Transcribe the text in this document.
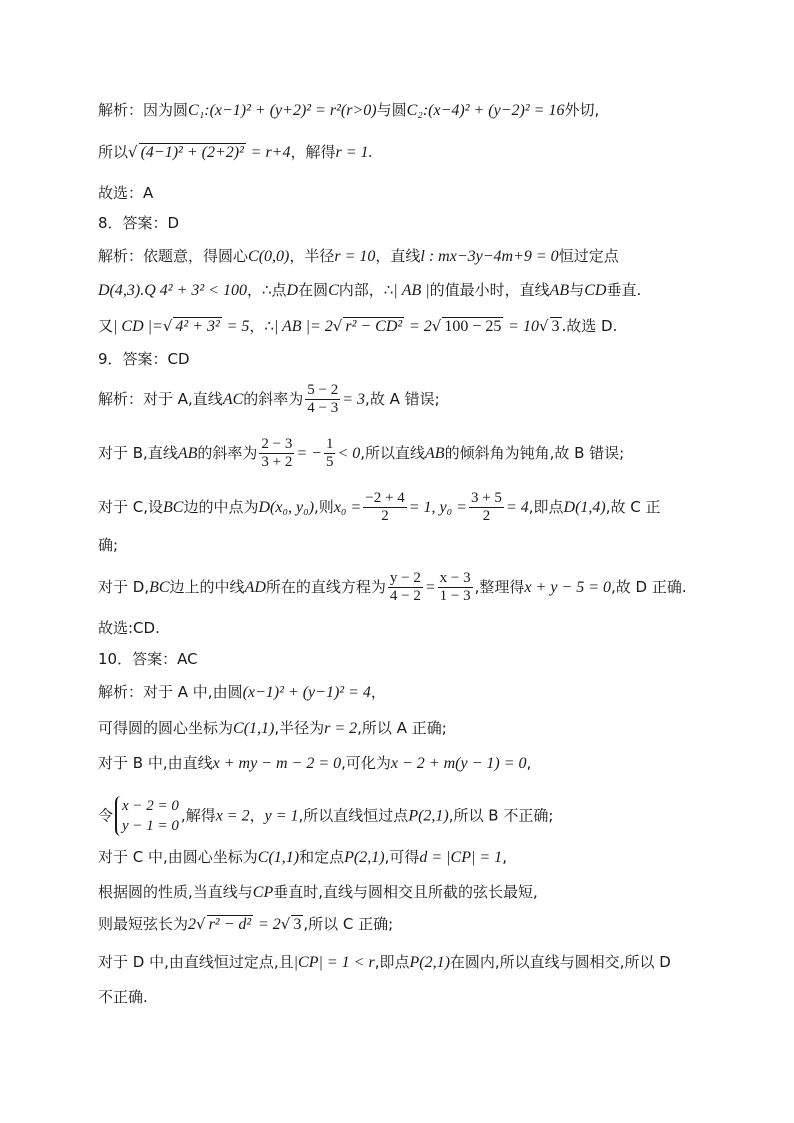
解析：因为圆C₁:(x−1)² + (y+2)² = r²(r>0)与圆C₂:(x−4)² + (y−2)² = 16外切,
所以√ (4−1)² + (2+2)² = r+4，解得r = 1.
故选：A
8．答案：D
解析：依题意，得圆心C(0,0)，半径r = 10，直线l : mx−3y−4m+9 = 0恒过定点
D(4,3).Q 4² + 3² < 100，∴点D在圆C内部，∴| AB |的值最小时，直线AB与CD垂直.
又| CD |=√ 4² + 3² = 5，∴| AB |= 2√ r² − CD² = 2√ 100 − 25 = 10√ 3 .故选 D.
9．答案：CD
解析：对于 A,直线AC的斜率为 $\frac{5 - 2}{4 - 3} = 3$,故 A 错误;
对于 B,直线AB的斜率为 $\frac{2 - 3}{3 + 2}$ = − $\frac{1}{5} < 0$,所以直线AB的倾斜角为钝角,故 B 错误;
对于 C,设BC边的中点为D(x₀, y₀),则$x_0 = \frac{-2 + 4}{2} = 1$, $y_0 = \frac{3 + 5}{2} = 4$,即点D(1,4),故 C 正
确;
对于 D,BC边上的中线AD所在的直线方程为 $\frac{y - 2}{4 - 2} = \frac{x - 3}{1 - 3}$ ,整理得x + y − 5 = 0,故 D 正确.
故选:CD.
10．答案：AC
解析：对于 A 中,由圆(x−1)² + (y−1)² = 4，
可得圆的圆心坐标为C(1,1),半径为r = 2,所以 A 正确;
对于 B 中,由直线x + my − m − 2 = 0,可化为x − 2 + m(y − 1) = 0,
令
x − 2 = 0
y − 1 = 0
,解得x = 2，y = 1,所以直线恒过点P(2,1),所以 B 不正确;
对于 C 中,由圆心坐标为C(1,1)和定点P(2,1),可得d = |CP| = 1,
根据圆的性质,当直线与CP垂直时,直线与圆相交且所截的弦长最短,
则最短弦长为2√ r² − d² = 2√ 3 ,所以 C 正确;
对于 D 中,由直线恒过定点,且|CP| = 1 < r,即点P(2,1)在圆内,所以直线与圆相交,所以 D
不正确.
